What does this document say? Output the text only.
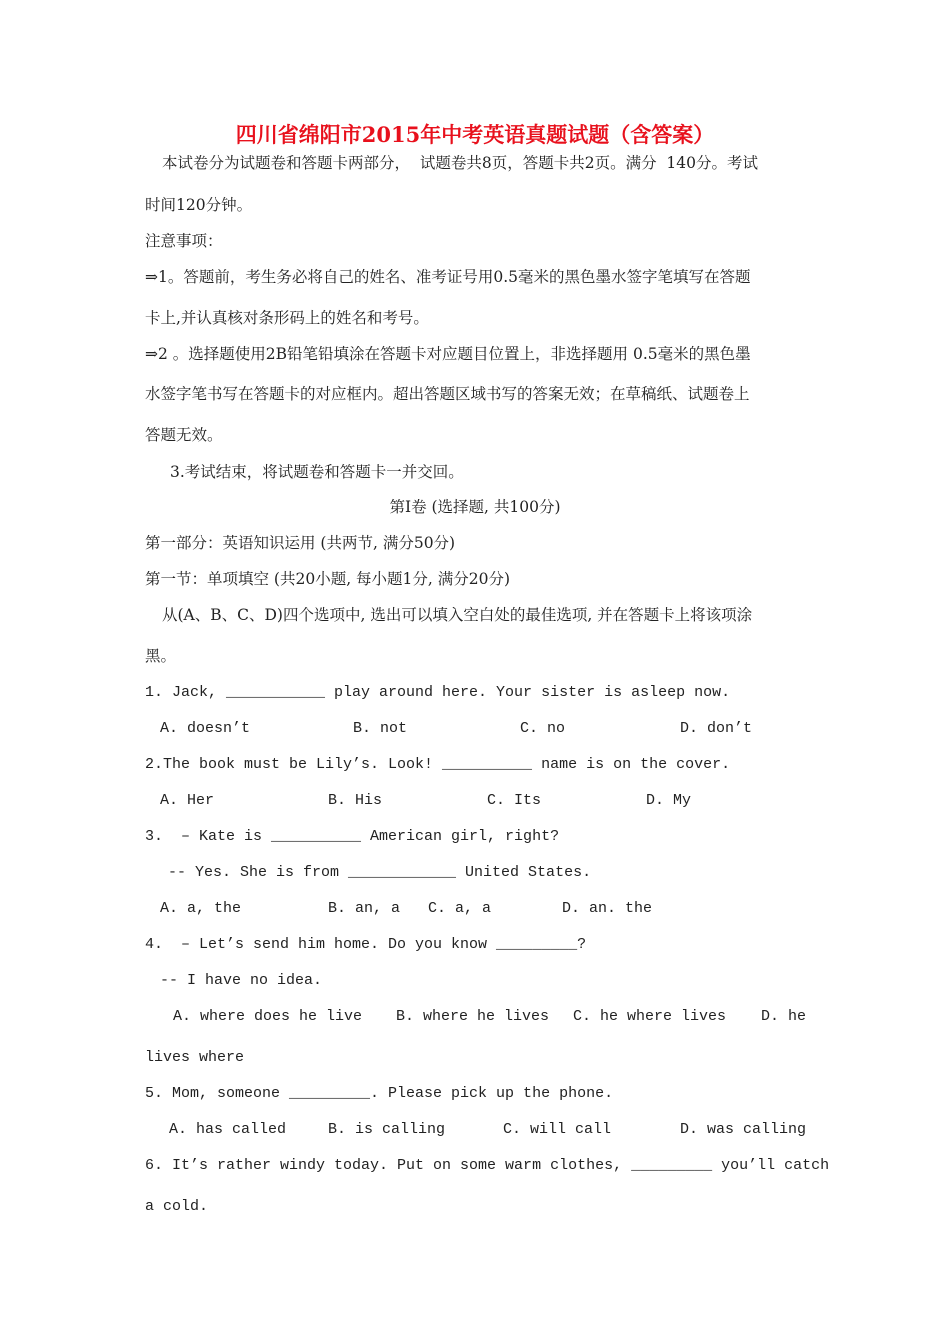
四川省绵阳市2015年中考英语真题试题（含答案）
本试卷分为试题卷和答题卡两部分，  试题卷共8页，答题卡共2页。满分  140分。考试
时间120分钟。
注意事项：
⇒1。答题前，考生务必将自己的姓名、准考证号用0.5毫米的黑色墨水签字笔填写在答题
卡上,并认真核对条形码上的姓名和考号。
⇒2 。选择题使用2B铅笔铅填涂在答题卡对应题目位置上，非选择题用 0.5毫米的黑色墨
水签字笔书写在答题卡的对应框内。超出答题区域书写的答案无效；在草稿纸、试题卷上
答题无效。
3.考试结束，将试题卷和答题卡一并交回。
第Ⅰ卷 (选择题, 共100分)
第一部分：英语知识运用 (共两节, 满分50分)
第一节：单项填空 (共20小题, 每小题1分, 满分20分)
从(A、B、C、D)四个选项中, 选出可以填入空白处的最佳选项, 并在答题卡上将该项涂
黑。
1. Jack, ___________ play around here. Your sister is asleep now.
A. doesn’t	B. not	C. no	D. don’t
2.The book must be Lily’s. Look! __________ name is on the cover.
A. Her	B. His	C. Its	D. My
3.  – Kate is __________ American girl, right?
-- Yes. She is from ____________ United States.
A. a, the	B. an, a C. a, a	D. an. the
4.  – Let’s send him home. Do you know _________?
-- I have no idea.
A. where does he live B. where he lives C. he where lives D. he
lives where
5. Mom, someone _________. Please pick up the phone.
A. has called	B. is calling	C. will call	D. was calling
6. It’s rather windy today. Put on some warm clothes, _________ you’ll catch
a cold.
